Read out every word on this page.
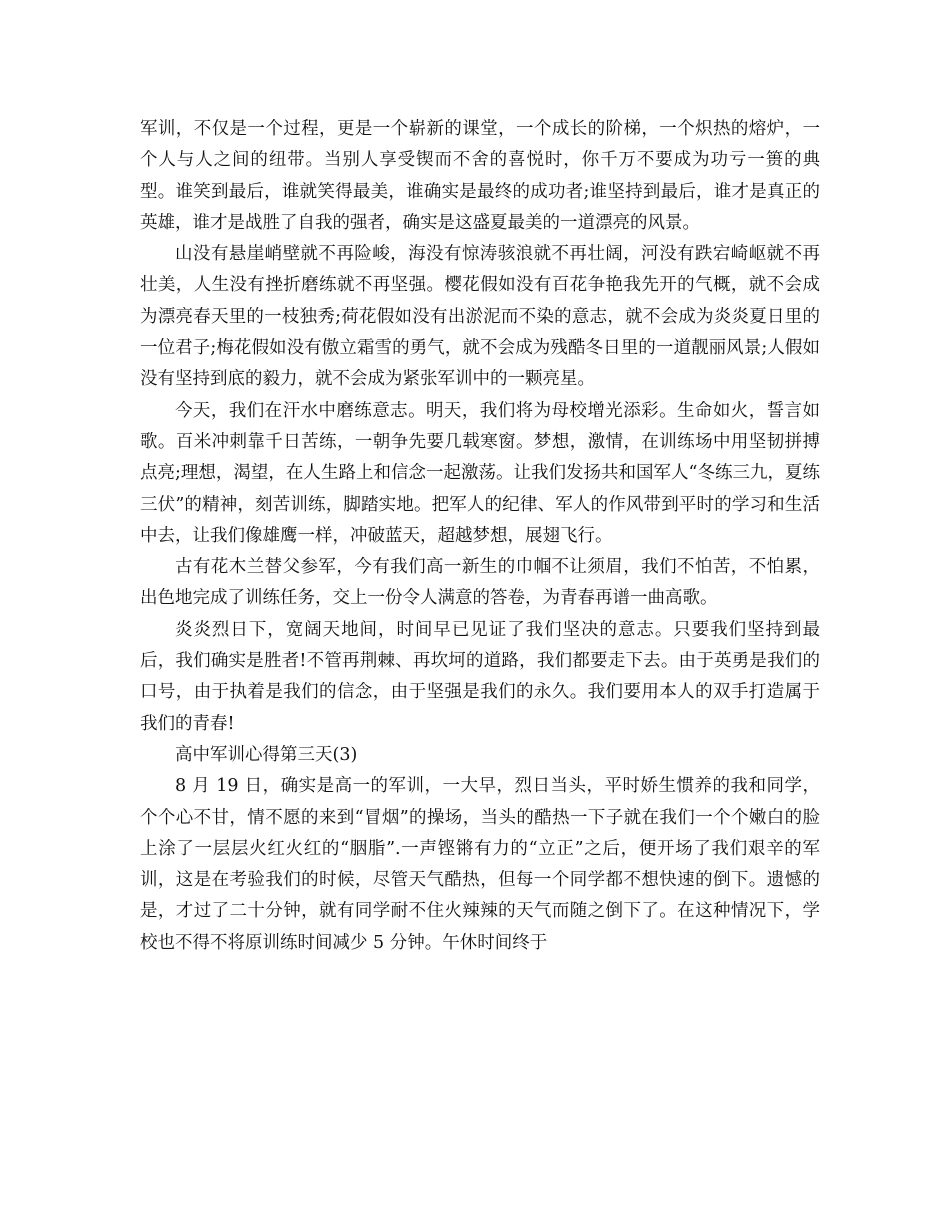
军训，不仅是一个过程，更是一个崭新的课堂，一个成长的阶梯，一个炽热的熔炉，一个人与人之间的纽带。当别人享受锲而不舍的喜悦时，你千万不要成为功亏一篑的典型。谁笑到最后，谁就笑得最美，谁确实是最终的成功者;谁坚持到最后，谁才是真正的英雄，谁才是战胜了自我的强者，确实是这盛夏最美的一道漂亮的风景。

山没有悬崖峭壁就不再险峻，海没有惊涛骇浪就不再壮阔，河没有跌宕崎岖就不再壮美，人生没有挫折磨练就不再坚强。樱花假如没有百花争艳我先开的气概，就不会成为漂亮春天里的一枝独秀;荷花假如没有出淤泥而不染的意志，就不会成为炎炎夏日里的一位君子;梅花假如没有傲立霜雪的勇气，就不会成为残酷冬日里的一道靓丽风景;人假如没有坚持到底的毅力，就不会成为紧张军训中的一颗亮星。

今天，我们在汗水中磨练意志。明天，我们将为母校增光添彩。生命如火，誓言如歌。百米冲刺靠千日苦练，一朝争先要几载寒窗。梦想，激情，在训练场中用坚韧拼搏点亮;理想，渴望，在人生路上和信念一起激荡。让我们发扬共和国军人“冬练三九，夏练三伏”的精神，刻苦训练，脚踏实地。把军人的纪律、军人的作风带到平时的学习和生活中去，让我们像雄鹰一样，冲破蓝天，超越梦想，展翅飞行。

古有花木兰替父参军，今有我们高一新生的巾帼不让须眉，我们不怕苦，不怕累，出色地完成了训练任务，交上一份令人满意的答卷，为青春再谱一曲高歌。

炎炎烈日下，宽阔天地间，时间早已见证了我们坚决的意志。只要我们坚持到最后，我们确实是胜者!不管再荆棘、再坎坷的道路，我们都要走下去。由于英勇是我们的口号，由于执着是我们的信念，由于坚强是我们的永久。我们要用本人的双手打造属于我们的青春!

高中军训心得第三天(3)

8 月 19 日，确实是高一的军训，一大早，烈日当头，平时娇生惯养的我和同学，个个心不甘，情不愿的来到“冒烟”的操场，当头的酷热一下子就在我们一个个嫩白的脸上涂了一层层火红火红的“胭脂”.一声铿锵有力的“立正”之后，便开场了我们艰辛的军训，这是在考验我们的时候，尽管天气酷热，但每一个同学都不想快速的倒下。遗憾的是，才过了二十分钟，就有同学耐不住火辣辣的天气而随之倒下了。在这种情况下，学校也不得不将原训练时间减少 5 分钟。午休时间终于
